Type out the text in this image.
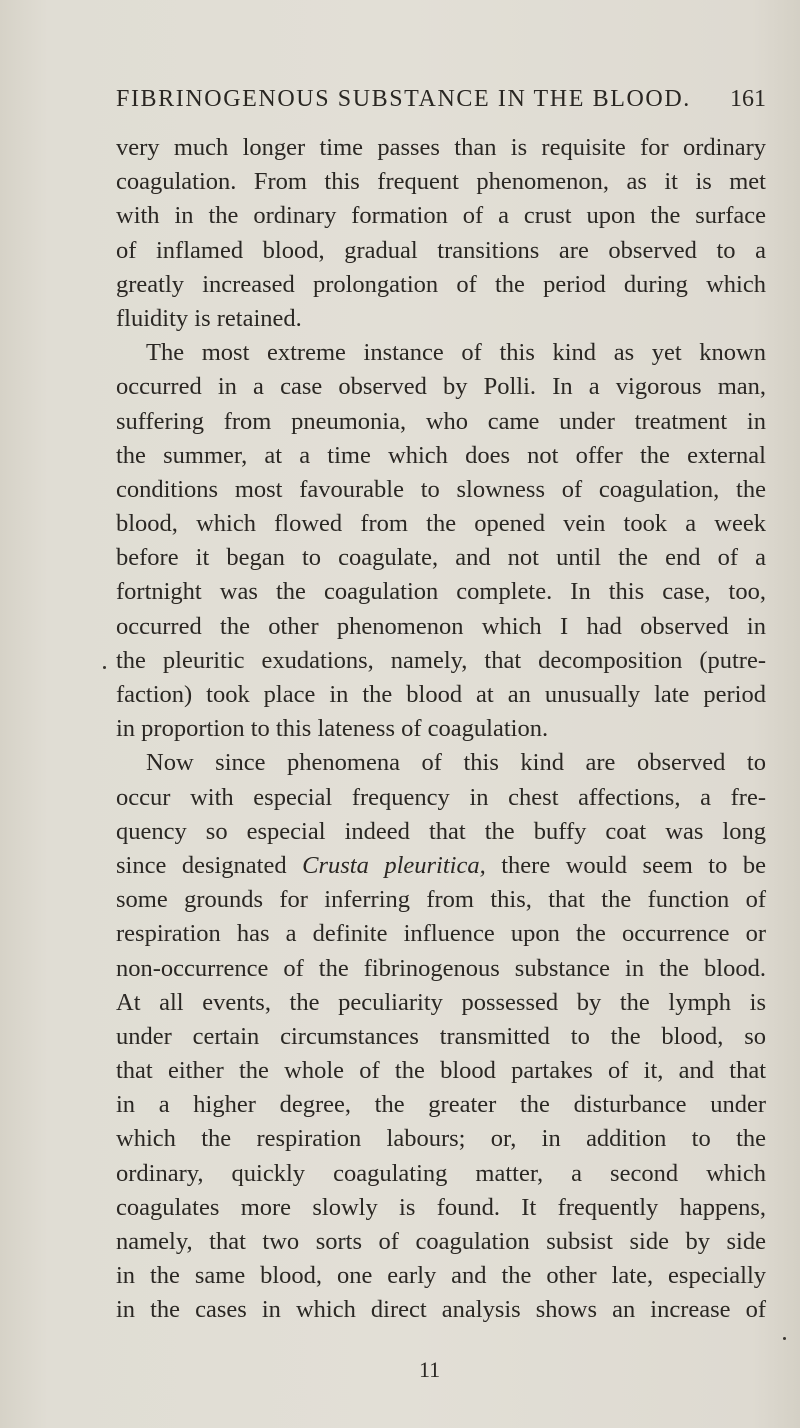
FIBRINOGENOUS SUBSTANCE IN THE BLOOD. 161
very much longer time passes than is requisite for ordinary
coagulation. From this frequent phenomenon, as it is met
with in the ordinary formation of a crust upon the surface
of inflamed blood, gradual transitions are observed to a
greatly increased prolongation of the period during which
fluidity is retained.
The most extreme instance of this kind as yet known
occurred in a case observed by Polli. In a vigorous man,
suffering from pneumonia, who came under treatment in
the summer, at a time which does not offer the external
conditions most favourable to slowness of coagulation, the
blood, which flowed from the opened vein took a week
before it began to coagulate, and not until the end of a
fortnight was the coagulation complete. In this case, too,
occurred the other phenomenon which I had observed in
the pleuritic exudations, namely, that decomposition (putre-
faction) took place in the blood at an unusually late period
in proportion to this lateness of coagulation.
Now since phenomena of this kind are observed to
occur with especial frequency in chest affections, a fre-
quency so especial indeed that the buffy coat was long
since designated Crusta pleuritica, there would seem to be
some grounds for inferring from this, that the function of
respiration has a definite influence upon the occurrence or
non-occurrence of the fibrinogenous substance in the blood.
At all events, the peculiarity possessed by the lymph is
under certain circumstances transmitted to the blood, so
that either the whole of the blood partakes of it, and that
in a higher degree, the greater the disturbance under
which the respiration labours; or, in addition to the
ordinary, quickly coagulating matter, a second which
coagulates more slowly is found. It frequently happens,
namely, that two sorts of coagulation subsist side by side
in the same blood, one early and the other late, especially
in the cases in which direct analysis shows an increase of
11
